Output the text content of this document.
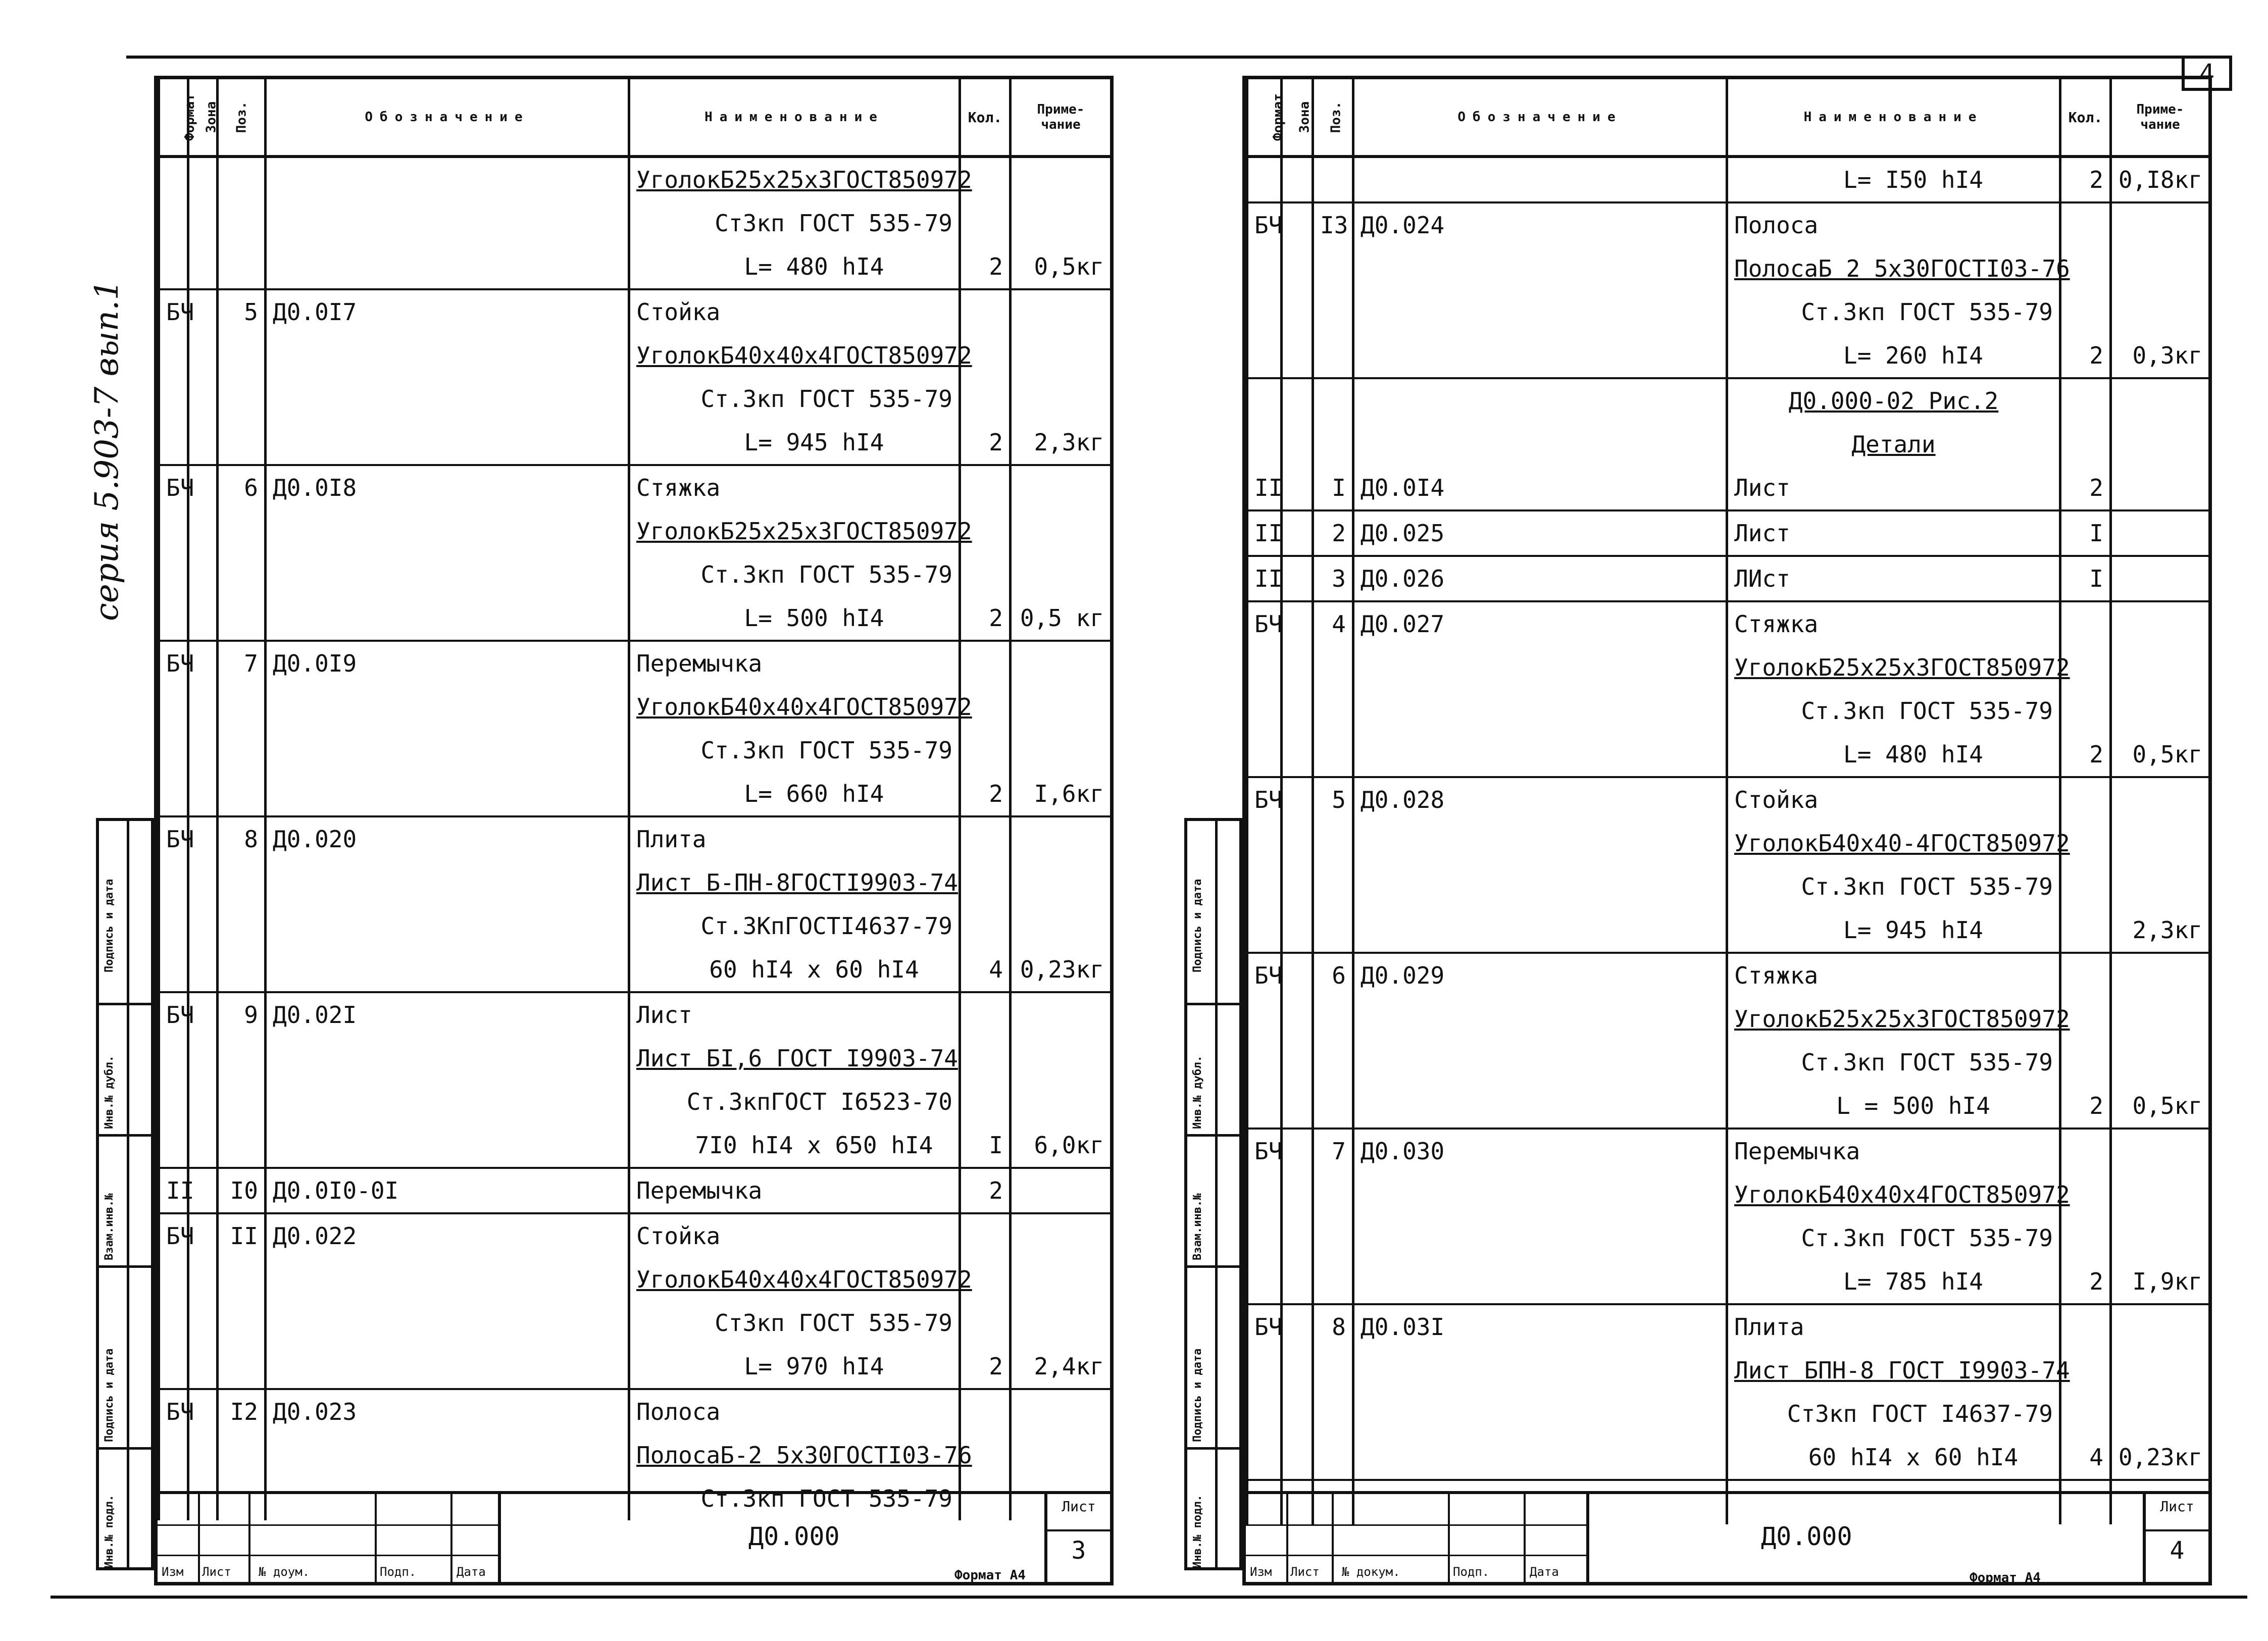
4
серия 5.903-7 вып.1
Подпись и дата
Инв.№ дубл.
Взам.инв.№
Подпись и дата
Инв.№ подл.
Подпись и дата
Инв.№ дубл.
Взам.инв.№
Подпись и дата
Инв.№ подл.
Формат	Зона	Поз.	Обозначение	Наименование	Кол.	Приме-чание
				УголокБ25х25х3ГОСТ850972		
				Ст3кп ГОСТ 535-79		
				L= 480 hI4	2	0,5кг
БЧ		5	Д0.0I7	Стойка		
				УголокБ40х40х4ГОСТ850972		
				Ст.3кп ГОСТ 535-79		
				L= 945 hI4	2	2,3кг
БЧ		6	Д0.0I8	Стяжка		
				УголокБ25х25х3ГОСТ850972		
				Ст.3кп ГОСТ 535-79		
				L= 500 hI4	2	0,5 кг
БЧ		7	Д0.0I9	Перемычка		
				УголокБ40х40х4ГОСТ850972		
				Ст.3кп ГОСТ 535-79		
				L= 660 hI4	2	I,6кг
БЧ		8	Д0.020	Плита		
				Лист Б-ПН-8ГОСТI9903-74		
				Ст.3КпГОСТI4637-79		
				60 hI4 х 60 hI4	4	0,23кг
БЧ		9	Д0.02I	Лист		
				Лист БI,6 ГОСТ I9903-74		
				Ст.3кпГОСТ I6523-70		
				7I0 hI4 х 650 hI4	I	6,0кг
II		I0	Д0.0I0-0I	Перемычка	2	
БЧ		II	Д0.022	Стойка		
				УголокБ40х40х4ГОСТ850972		
				Ст3кп ГОСТ 535-79		
				L= 970 hI4	2	2,4кг
БЧ		I2	Д0.023	Полоса		
				ПолосаБ-2 5х30ГОСТI03-76		
				Ст.3кп ГОСТ 535-79		
Изм Лист № доум.	Подп.	Дата
Д0.000
Лист
3
Формат А4
Формат	Зона	Поз.	Обозначение	Наименование	Кол.	Приме-чание
				L= I50 hI4	2	0,I8кг
БЧ		I3	Д0.024	Полоса		
				ПолосаБ 2 5х30ГОСТI03-76		
				Ст.3кп ГОСТ 535-79		
				L= 260 hI4	2	0,3кг
				Д0.000-02 Рис.2		
				Детали		
II		I	Д0.0I4	Лист	2	
II		2	Д0.025	Лист	I	
II		3	Д0.026	ЛИст	I	
БЧ		4	Д0.027	Стяжка		
				УголокБ25х25х3ГОСТ850972		
				Ст.3кп ГОСТ 535-79		
				L= 480 hI4	2	0,5кг
БЧ		5	Д0.028	Стойка		
				УголокБ40х40-4ГОСТ850972		
				Ст.3кп ГОСТ 535-79		
				L= 945 hI4		2,3кг
БЧ		6	Д0.029	Стяжка		
				УголокБ25х25х3ГОСТ850972		
				Ст.3кп ГОСТ 535-79		
				L = 500 hI4	2	0,5кг
БЧ		7	Д0.030	Перемычка		
				УголокБ40х40х4ГОСТ850972		
				Ст.3кп ГОСТ 535-79		
				L= 785 hI4	2	I,9кг
БЧ		8	Д0.03I	Плита		
				Лист БПН-8 ГОСТ I9903-74		
				Ст3кп ГОСТ I4637-79		
				60 hI4 х 60 hI4	4	0,23кг

Изм Лист № докум.	Подп.	Дата
Д0.000
Лист
4
Формат А4
